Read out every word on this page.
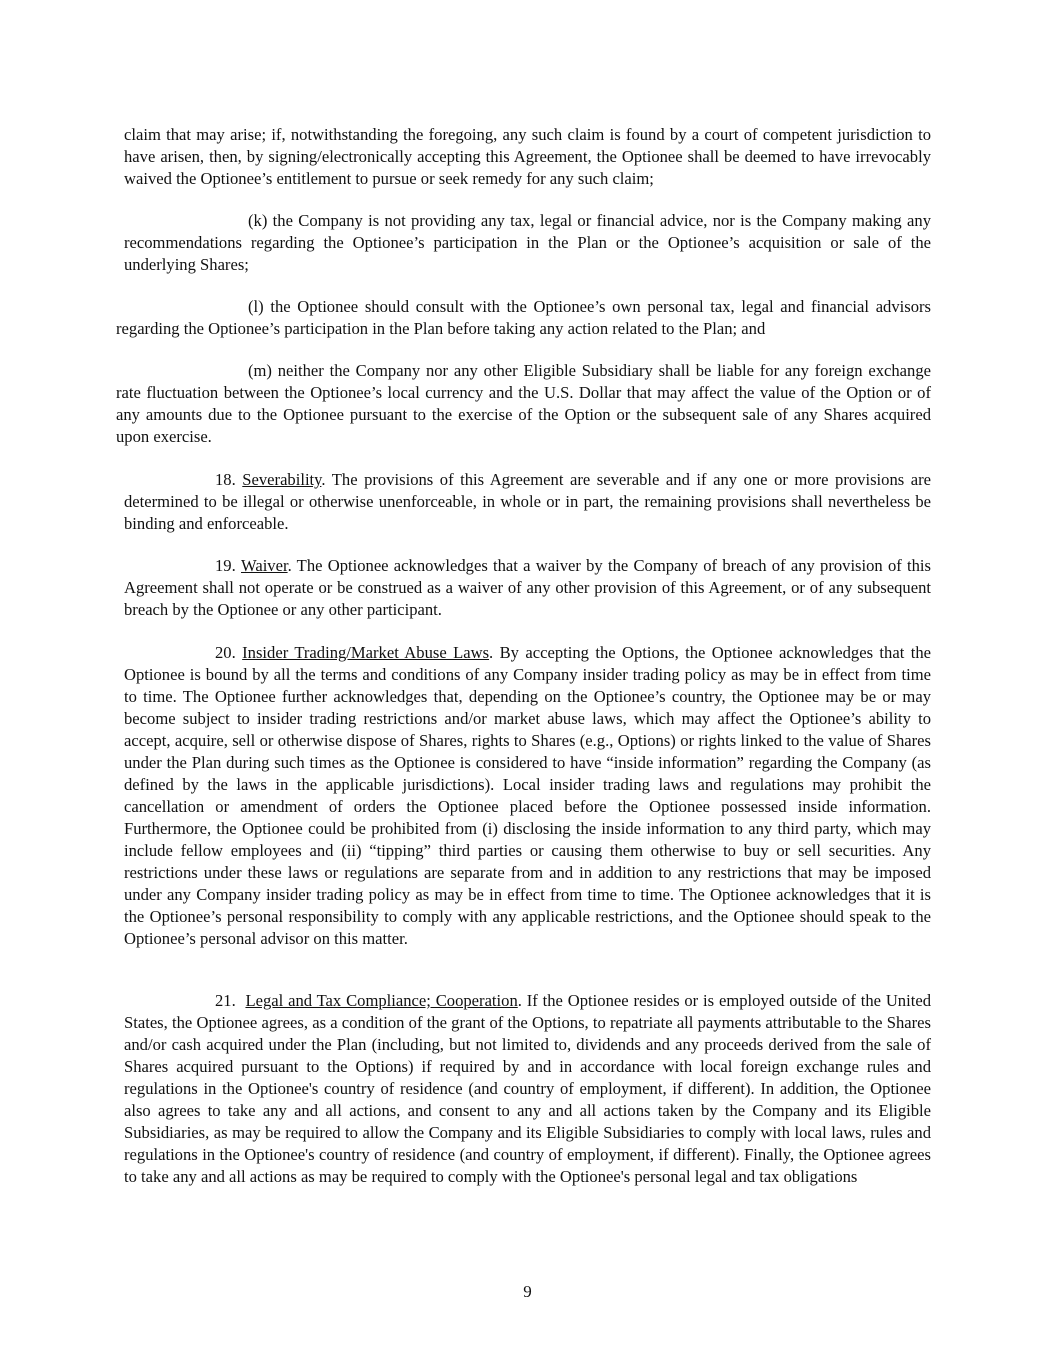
claim that may arise; if, notwithstanding the foregoing, any such claim is found by a court of competent jurisdiction to have arisen, then, by signing/electronically accepting this Agreement, the Optionee shall be deemed to have irrevocably waived the Optionee’s entitlement to pursue or seek remedy for any such claim;

(k) the Company is not providing any tax, legal or financial advice, nor is the Company making any recommendations regarding the Optionee’s participation in the Plan or the Optionee’s acquisition or sale of the underlying Shares;

(l) the Optionee should consult with the Optionee’s own personal tax, legal and financial advisors regarding the Optionee’s participation in the Plan before taking any action related to the Plan; and

(m) neither the Company nor any other Eligible Subsidiary shall be liable for any foreign exchange rate fluctuation between the Optionee’s local currency and the U.S. Dollar that may affect the value of the Option or of any amounts due to the Optionee pursuant to the exercise of the Option or the subsequent sale of any Shares acquired upon exercise.

18. Severability. The provisions of this Agreement are severable and if any one or more provisions are determined to be illegal or otherwise unenforceable, in whole or in part, the remaining provisions shall nevertheless be binding and enforceable.

19. Waiver. The Optionee acknowledges that a waiver by the Company of breach of any provision of this Agreement shall not operate or be construed as a waiver of any other provision of this Agreement, or of any subsequent breach by the Optionee or any other participant.

20. Insider Trading/Market Abuse Laws. By accepting the Options, the Optionee acknowledges that the Optionee is bound by all the terms and conditions of any Company insider trading policy as may be in effect from time to time. The Optionee further acknowledges that, depending on the Optionee’s country, the Optionee may be or may become subject to insider trading restrictions and/or market abuse laws, which may affect the Optionee’s ability to accept, acquire, sell or otherwise dispose of Shares, rights to Shares (e.g., Options) or rights linked to the value of Shares under the Plan during such times as the Optionee is considered to have “inside information” regarding the Company (as defined by the laws in the applicable jurisdictions). Local insider trading laws and regulations may prohibit the cancellation or amendment of orders the Optionee placed before the Optionee possessed inside information. Furthermore, the Optionee could be prohibited from (i) disclosing the inside information to any third party, which may include fellow employees and (ii) “tipping” third parties or causing them otherwise to buy or sell securities. Any restrictions under these laws or regulations are separate from and in addition to any restrictions that may be imposed under any Company insider trading policy as may be in effect from time to time. The Optionee acknowledges that it is the Optionee’s personal responsibility to comply with any applicable restrictions, and the Optionee should speak to the Optionee’s personal advisor on this matter.

21. Legal and Tax Compliance; Cooperation. If the Optionee resides or is employed outside of the United States, the Optionee agrees, as a condition of the grant of the Options, to repatriate all payments attributable to the Shares and/or cash acquired under the Plan (including, but not limited to, dividends and any proceeds derived from the sale of Shares acquired pursuant to the Options) if required by and in accordance with local foreign exchange rules and regulations in the Optionee's country of residence (and country of employment, if different). In addition, the Optionee also agrees to take any and all actions, and consent to any and all actions taken by the Company and its Eligible Subsidiaries, as may be required to allow the Company and its Eligible Subsidiaries to comply with local laws, rules and regulations in the Optionee's country of residence (and country of employment, if different). Finally, the Optionee agrees to take any and all actions as may be required to comply with the Optionee's personal legal and tax obligations

9
